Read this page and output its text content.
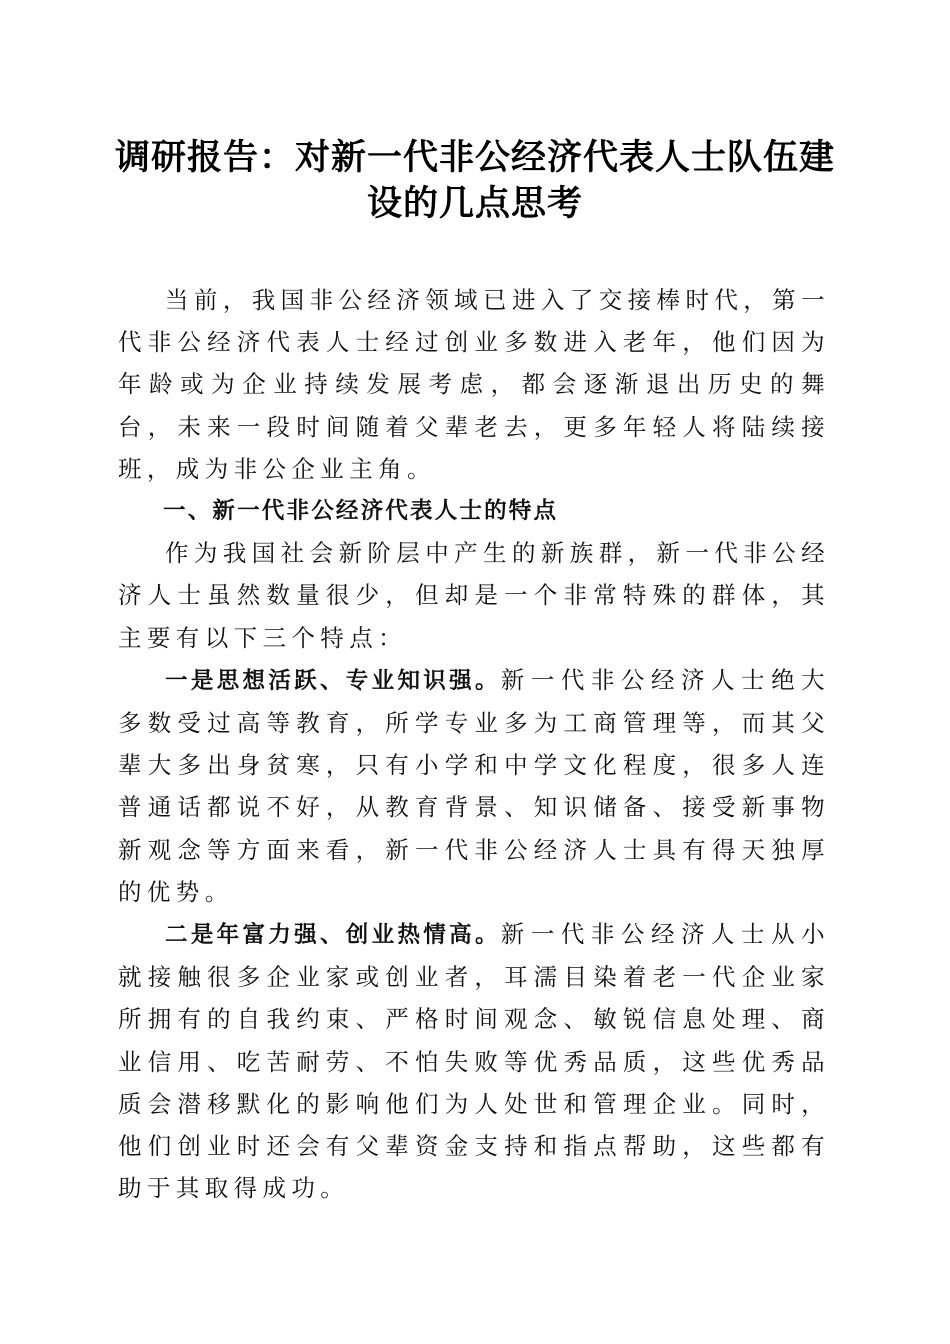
调研报告：对新一代非公经济代表人士队伍建设的几点思考

当前，我国非公经济领域已进入了交接棒时代，第一代非公经济代表人士经过创业多数进入老年，他们因为年龄或为企业持续发展考虑，都会逐渐退出历史的舞台，未来一段时间随着父辈老去，更多年轻人将陆续接班，成为非公企业主角。

一、新一代非公经济代表人士的特点

作为我国社会新阶层中产生的新族群，新一代非公经济人士虽然数量很少，但却是一个非常特殊的群体，其主要有以下三个特点：

一是思想活跃、专业知识强。新一代非公经济人士绝大多数受过高等教育，所学专业多为工商管理等，而其父辈大多出身贫寒，只有小学和中学文化程度，很多人连普通话都说不好，从教育背景、知识储备、接受新事物新观念等方面来看，新一代非公经济人士具有得天独厚的优势。

二是年富力强、创业热情高。新一代非公经济人士从小就接触很多企业家或创业者，耳濡目染着老一代企业家所拥有的自我约束、严格时间观念、敏锐信息处理、商业信用、吃苦耐劳、不怕失败等优秀品质，这些优秀品质会潜移默化的影响他们为人处世和管理企业。同时，他们创业时还会有父辈资金支持和指点帮助，这些都有助于其取得成功。
